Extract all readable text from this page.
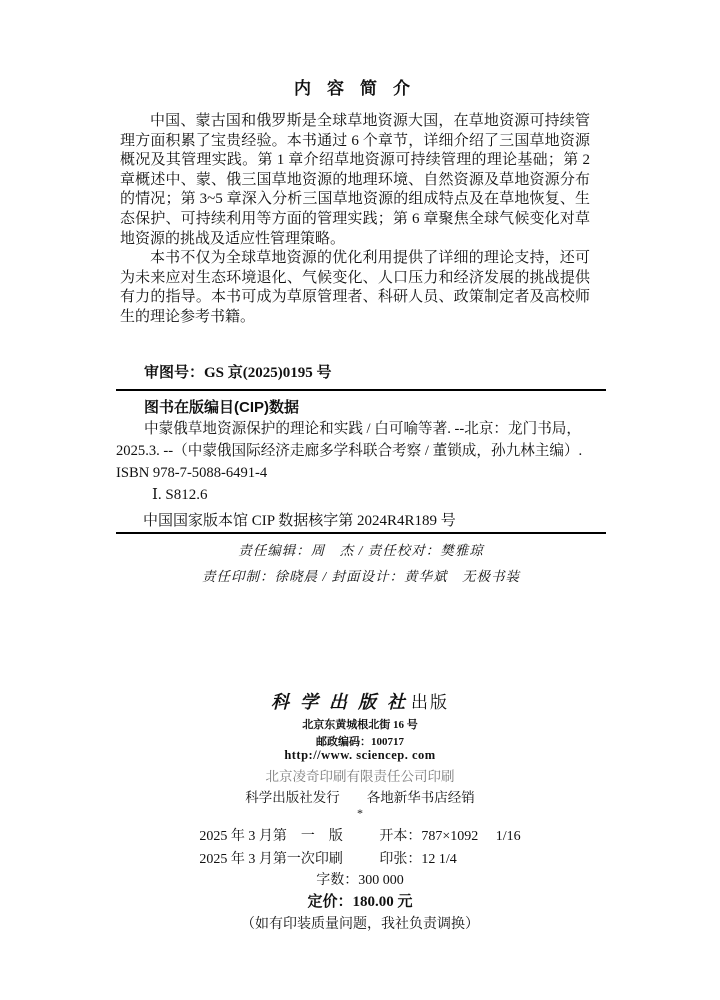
内容简介

中国、蒙古国和俄罗斯是全球草地资源大国，在草地资源可持续管理方面积累了宝贵经验。本书通过 6 个章节，详细介绍了三国草地资源概况及其管理实践。第 1 章介绍草地资源可持续管理的理论基础；第 2 章概述中、蒙、俄三国草地资源的地理环境、自然资源及草地资源分布的情况；第 3~5 章深入分析三国草地资源的组成特点及在草地恢复、生态保护、可持续利用等方面的管理实践；第 6 章聚焦全球气候变化对草地资源的挑战及适应性管理策略。

本书不仅为全球草地资源的优化利用提供了详细的理论支持，还可为未来应对生态环境退化、气候变化、人口压力和经济发展的挑战提供有力的指导。本书可成为草原管理者、科研人员、政策制定者及高校师生的理论参考书籍。

审图号：GS 京(2025)0195 号
图书在版编目(CIP)数据
中蒙俄草地资源保护的理论和实践 / 白可喻等著. --北京：龙门书局，
2025.3. --（中蒙俄国际经济走廊多学科联合考察 / 董锁成，孙九林主编）.
ISBN 978-7-5088-6491-4
Ⅰ. S812.6
中国国家版本馆 CIP 数据核字第 2024R4R189 号
责任编辑：周　杰 / 责任校对：樊雅琼
责任印制：徐晓晨 / 封面设计：黄华斌　无极书装
科学出版社出版
北京东黄城根北街 16 号
邮政编码：100717
http://www. sciencep. com
北京凌奇印刷有限责任公司印刷
科学出版社发行　　各地新华书店经销
*
2025 年 3 月第　一　版	开本：787×1092　 1/16
2025 年 3 月第一次印刷	印张：12 1/4
字数：300 000
定价：180.00 元
（如有印装质量问题，我社负责调换）
